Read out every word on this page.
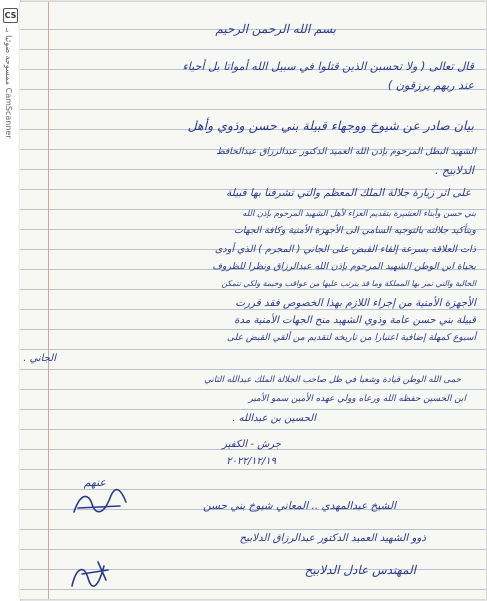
CS
ممسوحة ضوئيا بـ CamScanner
بسم الله الرحمن الرحيم
قال تعالى ( ولا تحسبن الذين قتلوا في سبيل الله أمواتا بل أحياء
عند ربهم يرزقون )
بيان صادر عن شيوخ ووجهاء قبيلة بني حسن وذوي وأهل
الشهيد البطل المرحوم بإذن الله العميد الدكتور عبدالرزاق عبدالحافظ
الدلابيح .
على اثر زيارة جلالة الملك المعظم والتي تشرفنا بها قبيلة
بني حسن وأبناء العشيرة بتقديم العزاء لأهل الشهيد المرحوم بإذن الله
وبتأكيد جلالته بالتوجيه السامي الى الأجهزة الأمنية وكافة الجهات
ذات العلاقة بسرعة إلقاء القبض على الجاني ( المجرم ) الذي أودى
بحياة ابن الوطن الشهيد المرحوم بإذن الله عبدالرزاق ونظرا للظروف
الحالية والتي تمر بها المملكة وما قد يترتب عليها من عواقب وخيمة ولكي تتمكن
الأجهزة الأمنية من إجراء اللازم بهذا الخصوص فقد قررت
قبيلة بني حسن عامة وذوي الشهيد منح الجهات الأمنية مدة
أسبوع كمهلة إضافية اعتبارا من تاريخه لتقديم من ألقي القبض على
الجاني .
حمى الله الوطن قيادة وشعبا في ظل صاحب الجلالة الملك عبدالله الثاني
ابن الحسين حفظه الله ورعاه وولي عهده الأمين سمو الأمير
الحسين بن عبدالله .
جرش - الكفير
٢٠٢٢/١٢/١٩
عنهم
الشيخ عبدالمهدي .. المعاني شيوخ بني حسن
ذوو الشهيد العميد الدكتور عبدالرزاق الدلابيح
المهندس عادل الدلابيح
